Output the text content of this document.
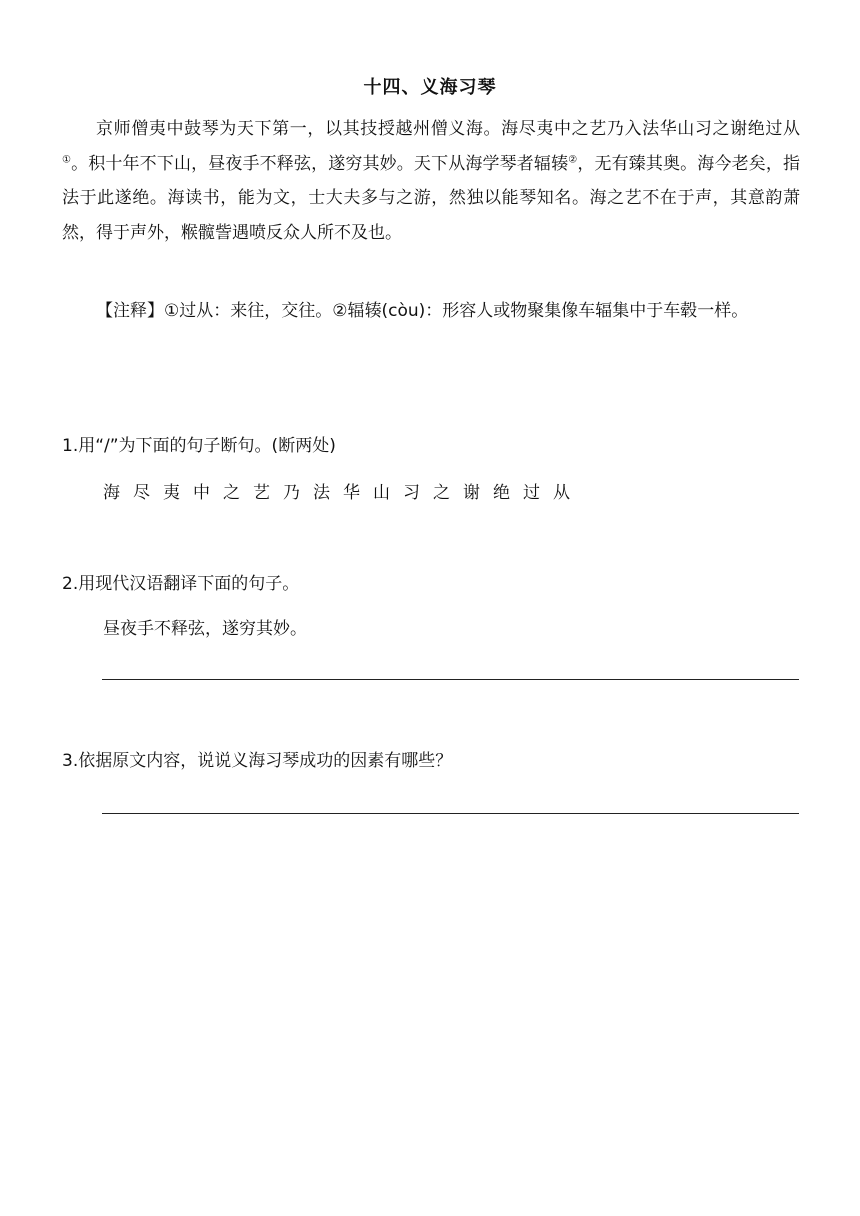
十四、义海习琴
京师僧夷中鼓琴为天下第一，以其技授越州僧义海。海尽夷中之艺乃入法华山习之谢绝过从①。积十年不下山，昼夜手不释弦，遂穷其妙。天下从海学琴者辐辏②，无有臻其奥。海今老矣，指法于此遂绝。海读书，能为文，士大夫多与之游，然独以能琴知名。海之艺不在于声，其意韵萧然，得于声外，糇髋訾遇喷反众人所不及也。
【注释】①过从：来往，交往。②辐辏(còu)：形容人或物聚集像车辐集中于车毂一样。
1.用“/”为下面的句子断句。(断两处)
海尽夷中之艺乃法华山习之谢绝过从
2.用现代汉语翻译下面的句子。
昼夜手不释弦，遂穷其妙。
3.依据原文内容，说说义海习琴成功的因素有哪些？
